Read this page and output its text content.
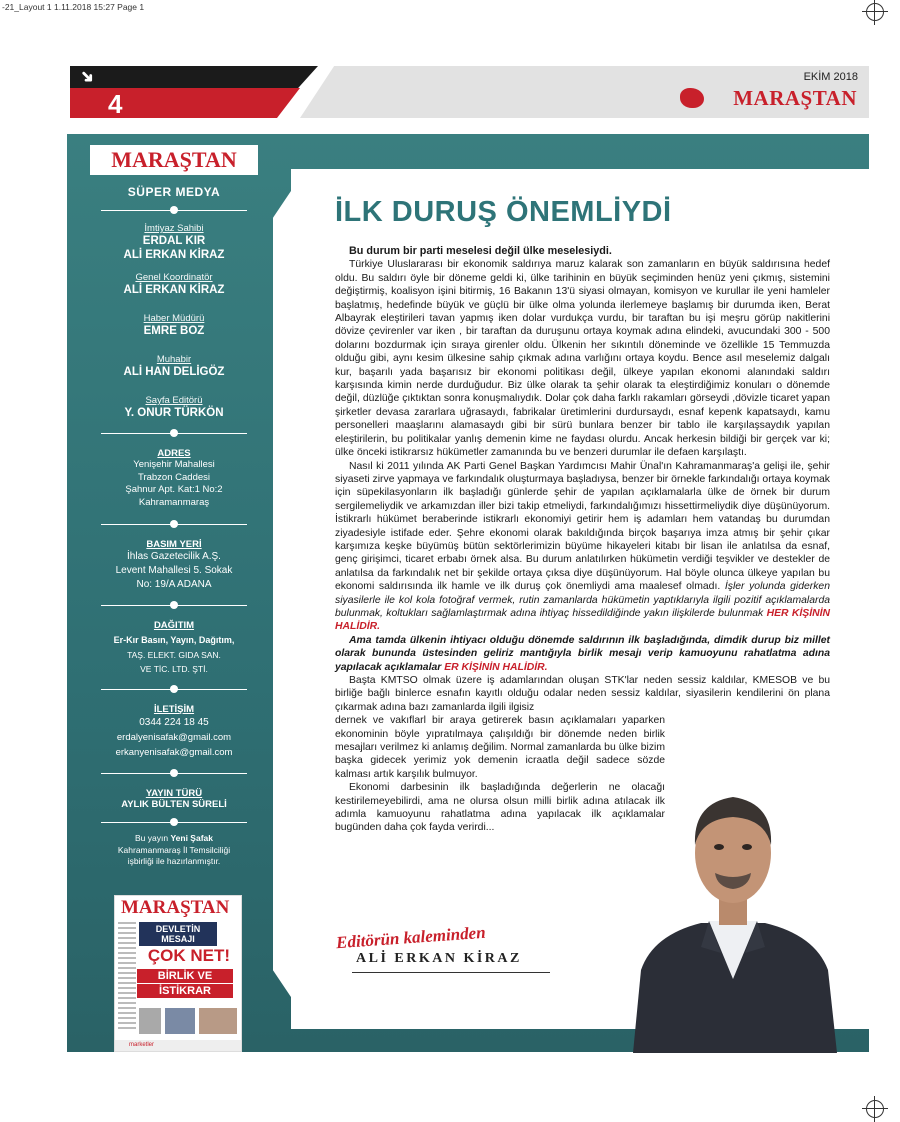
-21_Layout 1 1.11.2018 15:27 Page 1
➜
4
EKİM 2018
MARAŞTAN
MARAŞTAN
SÜPER MEDYA
İmtiyaz Sahibi
ERDAL KIR
ALİ ERKAN KİRAZ
Genel Koordinatör
ALİ ERKAN KİRAZ
Haber Müdürü
EMRE BOZ
Muhabir
ALİ HAN DELİGÖZ
Sayfa Editörü
Y. ONUR TÜRKÖN
ADRES
Yenişehir Mahallesi
Trabzon Caddesi
Şahnur Apt. Kat:1 No:2
Kahramanmaraş
BASIM YERİ
İhlas Gazetecilik A.Ş.
Levent Mahallesi 5. Sokak
No: 19/A ADANA
DAĞITIM
Er-Kır Basın, Yayın, Dağıtım,
TAŞ. ELEKT. GIDA SAN.
VE TİC. LTD. ŞTİ.
İLETİŞİM
0344 224 18 45
erdalyenisafak@gmail.com
erkanyenisafak@gmail.com
YAYIN TÜRÜ
AYLIK BÜLTEN SÜRELİ
Bu yayın Yeni Şafak
Kahramanmaraş İl Temsilciliği
işbirliği ile hazırlanmıştır.
MARAŞTAN
DEVLETİN MESAJI
ÇOK NET!
BİRLİK VE
İSTİKRAR
marketler
İLK DURUŞ ÖNEMLİYDİ

Bu durum bir parti meselesi değil ülke meselesiydi.

Türkiye Uluslararası bir ekonomik saldırıya maruz kalarak son zamanların en büyük saldırısına hedef oldu. Bu saldırı öyle bir döneme geldi ki, ülke tarihinin en büyük seçiminden henüz yeni çıkmış, sistemini değiştirmiş, koalisyon işini bitirmiş, 16 Bakanın 13'ü siyasi olmayan, komisyon ve kurullar ile yeni hamleler başlatmış, hedefinde büyük ve güçlü bir ülke olma yolunda ilerlemeye başlamış bir durumda iken, Berat Albayrak eleştirileri tavan yapmış iken dolar vurdukça vurdu, bir taraftan bu işi meşru görüp nakitlerini dövize çevirenler var iken , bir taraftan da duruşunu ortaya koymak adına elindeki, avucundaki 300 - 500 dolarını bozdurmak için sıraya girenler oldu. Ülkenin her sıkıntılı döneminde ve özellikle 15 Temmuzda olduğu gibi, aynı kesim ülkesine sahip çıkmak adına varlığını ortaya koydu. Bence asıl meselemiz dalgalı kur, başarılı yada başarısız bir ekonomi politikası değil, ülkeye yapılan ekonomi alanındaki saldırı karşısında kimin nerde durduğudur. Biz ülke olarak ta şehir olarak ta eleştirdiğimiz konuları o dönemde değil, düzlüğe çıktıktan sonra konuşmalıydık. Dolar çok daha farklı rakamları görseydi ,dövizle ticaret yapan şirketler devasa zararlara uğrasaydı, fabrikalar üretimlerini durdursaydı, esnaf kepenk kapatsaydı, kamu personelleri maaşlarını alamasaydı gibi bir sürü bunlara benzer bir tablo ile karşılaşsaydık yapılan eleştirilerin, bu politikalar yanlış demenin kime ne faydası olurdu. Ancak herkesin bildiği bir gerçek var ki; ülke önceki istikrarsız hükümetler zamanında bu ve benzeri durumlar ile defaen karşılaştı.

Nasıl ki 2011 yılında AK Parti Genel Başkan Yardımcısı Mahir Ünal'ın Kahramanmaraş'a gelişi ile, şehir siyaseti zirve yapmaya ve farkındalık oluşturmaya başladıysa, benzer bir örnekle farkındalığı ortaya koymak için süpekilasyonların ilk başladığı günlerde şehir de yapılan açıklamalarla ülke de örnek bir durum sergilemeliydik ve arkamızdan iller bizi takip etmeliydi, farkındalığımızı hissettirmeliydik diye düşünüyorum. İstikrarlı hükümet beraberinde istikrarlı ekonomiyi getirir hem iş adamları hem vatandaş bu durumdan ziyadesiyle istifade eder. Şehre ekonomi olarak bakıldığında birçok başarıya imza atmış bir şehir çıkar karşımıza keşke büyümüş bütün sektörlerimizin büyüme hikayeleri kitabı bir lisan ile anlatılsa da esnaf, genç girişimci, ticaret erbabı örnek alsa. Bu durum anlatılırken hükümetin verdiği teşvikler ve destekler de anlatılsa da farkındalık net bir şekilde ortaya çıksa diye düşünüyorum. Hal böyle olunca ülkeye yapılan bu ekonomi saldırısında ilk hamle ve ilk duruş çok önemliydi ama maalesef olmadı. İşler yolunda giderken siyasilerle ile kol kola fotoğraf vermek, rutin zamanlarda hükümetin yaptıklarıyla ilgili pozitif açıklamalarda bulunmak, koltukları sağlamlaştırmak adına ihtiyaç hissedildiğinde yakın ilişkilerde bulunmak HER KİŞİNİN HALİDİR.

Ama tamda ülkenin ihtiyacı olduğu dönemde saldırının ilk başladığında, dimdik durup biz millet olarak bununda üstesinden geliriz mantığıyla birlik mesajı verip kamuoyunu rahatlatma adına yapılacak açıklamalar ER KİŞİNİN HALİDİR.

Başta KMTSO olmak üzere iş adamlarından oluşan STK'lar neden sessiz kaldılar, KMESOB ve bu birliğe bağlı binlerce esnafın kayıtlı olduğu odalar neden sessiz kaldılar, siyasilerin kendilerini ön plana çıkarmak adına bazı zamanlarda ilgili ilgisiz

dernek ve vakıflarl bir araya getirerek basın açıklamaları yaparken ekonominin böyle yıpratılmaya çalışıldığı bir dönemde neden birlik mesajları verilmez ki anlamış değilim. Normal zamanlarda bu ülke bizim başka gidecek yerimiz yok demenin icraatla değil sadece sözde kalması artık karşılık bulmuyor.

Ekonomi darbesinin ilk başladığında değerlerin ne olacağı kestirilemeyebilirdi, ama ne olursa olsun milli birlik adına atılacak ilk adımla kamuoyunu rahatlatma adına yapılacak ilk açıklamalar bugünden daha çok fayda verirdi...

Editörün kaleminden
ALİ ERKAN KİRAZ
